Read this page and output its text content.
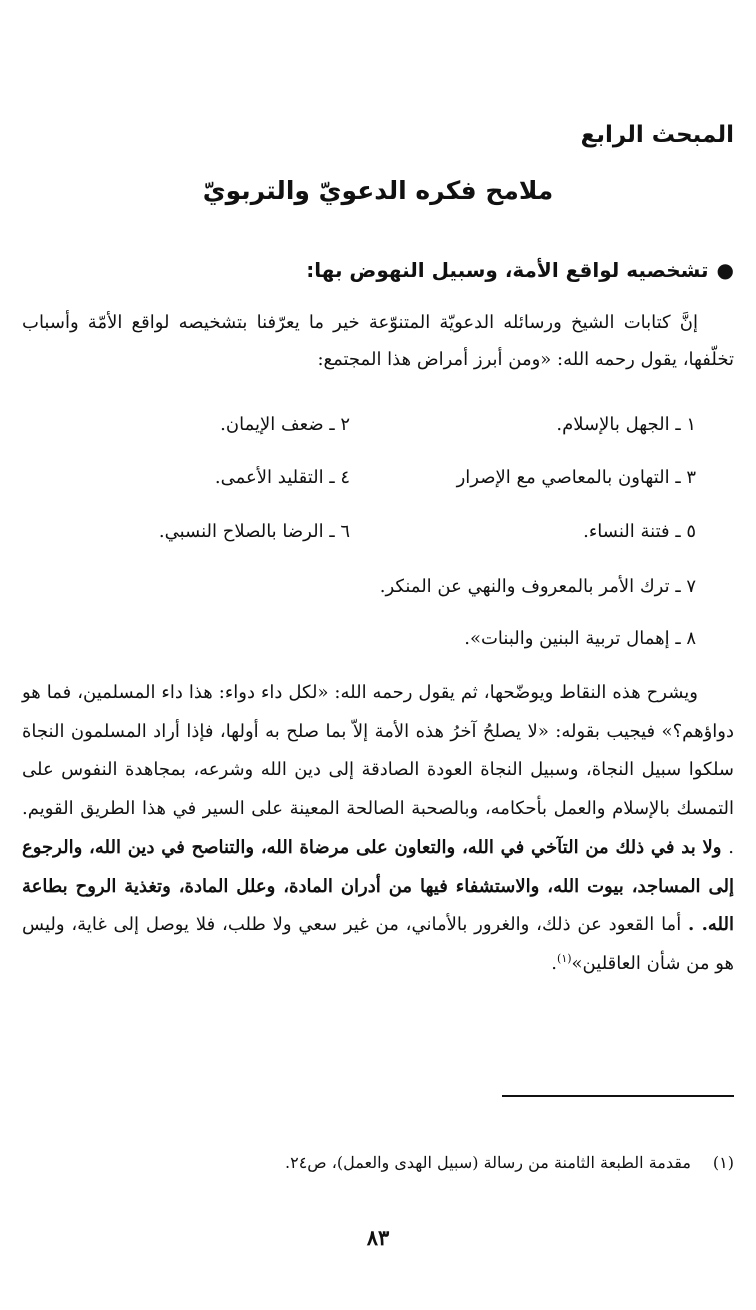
المبحث الرابع
ملامح فكره الدعويّ والتربويّ
●تشخصيه لواقع الأمة، وسبيل النهوض بها:

إنَّ كتابات الشيخ ورسائله الدعويّة المتنوّعة خير ما يعرّفنا بتشخيصه لواقع الأمّة وأسباب تخلّفها، يقول رحمه الله: «ومن أبرز أمراض هذا المجتمع:

١ ـ الجهل بالإسلام.
٢ ـ ضعف الإيمان.
٣ ـ التهاون بالمعاصي مع الإصرار
٤ ـ التقليد الأعمى.
٥ ـ فتنة النساء.
٦ ـ الرضا بالصلاح النسبي.
٧ ـ ترك الأمر بالمعروف والنهي عن المنكر.
٨ ـ إهمال تربية البنين والبنات».

ويشرح هذه النقاط ويوضّحها، ثم يقول رحمه الله: «لكل داء دواء: هذا داء المسلمين، فما هو دواؤهم؟» فيجيب بقوله: «لا يصلحُ آخرُ هذه الأمة إلاّ بما صلح به أولها، فإذا أراد المسلمون النجاة سلكوا سبيل النجاة، وسبيل النجاة العودة الصادقة إلى دين الله وشرعه، بمجاهدة النفوس على التمسك بالإسلام والعمل بأحكامه، وبالصحبة الصالحة المعينة على السير في هذا الطريق القويم. . ولا بد في ذلك من التآخي في الله، والتعاون على مرضاة الله، والتناصح في دين الله، والرجوع إلى المساجد، بيوت الله، والاستشفاء فيها من أدران المادة، وعلل المادة، وتغذية الروح بطاعة الله. . أما القعود عن ذلك، والغرور بالأماني، من غير سعي ولا طلب، فلا يوصل إلى غاية، وليس هو من شأن العاقلين»$^{(١)}$.

(١)مقدمة الطبعة الثامنة من رسالة (سبيل الهدى والعمل)، ص٢٤.
٨٣
